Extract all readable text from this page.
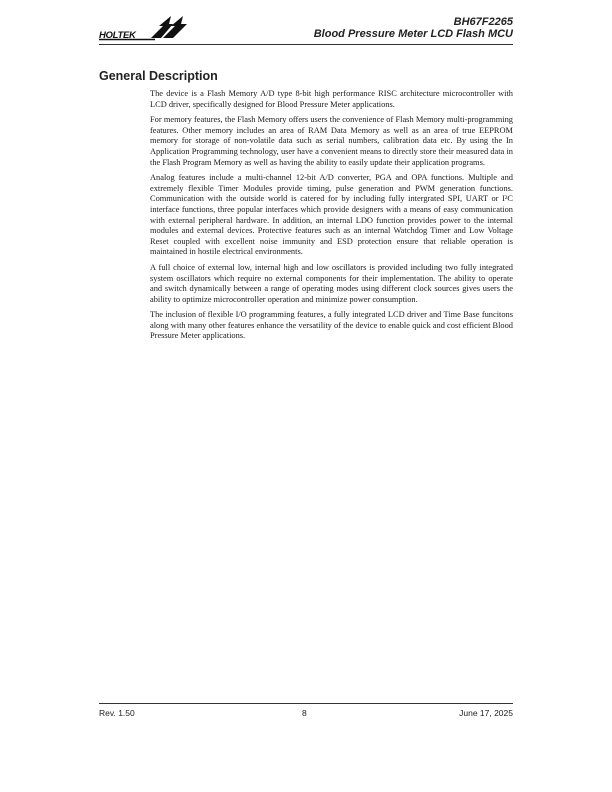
HOLTEK
BH67F2265
Blood Pressure Meter LCD Flash MCU
General Description

The device is a Flash Memory A/D type 8-bit high performance RISC architecture microcontroller with LCD driver, specifically designed for Blood Pressure Meter applications.

For memory features, the Flash Memory offers users the convenience of Flash Memory multi-programming features. Other memory includes an area of RAM Data Memory as well as an area of true EEPROM memory for storage of non-volatile data such as serial numbers, calibration data etc. By using the In Application Programming technology, user have a convenient means to directly store their measured data in the Flash Program Memory as well as having the ability to easily update their application programs.

Analog features include a multi-channel 12-bit A/D converter, PGA and OPA functions. Multiple and extremely flexible Timer Modules provide timing, pulse generation and PWM generation functions. Communication with the outside world is catered for by including fully intergrated SPI, UART or I²C interface functions, three popular interfaces which provide designers with a means of easy communication with external peripheral hardware. In addition, an internal LDO function provides power to the internal modules and external devices. Protective features such as an internal Watchdog Timer and Low Voltage Reset coupled with excellent noise immunity and ESD protection ensure that reliable operation is maintained in hostile electrical environments.

A full choice of external low, internal high and low oscillators is provided including two fully integrated system oscillators which require no external components for their implementation. The ability to operate and switch dynamically between a range of operating modes using different clock sources gives users the ability to optimize microcontroller operation and minimize power consumption.

The inclusion of flexible I/O programming features, a fully integrated LCD driver and Time Base funcitons along with many other features enhance the versatility of the device to enable quick and cost efficient Blood Pressure Meter applications.

Rev. 1.50	8	June 17, 2025
